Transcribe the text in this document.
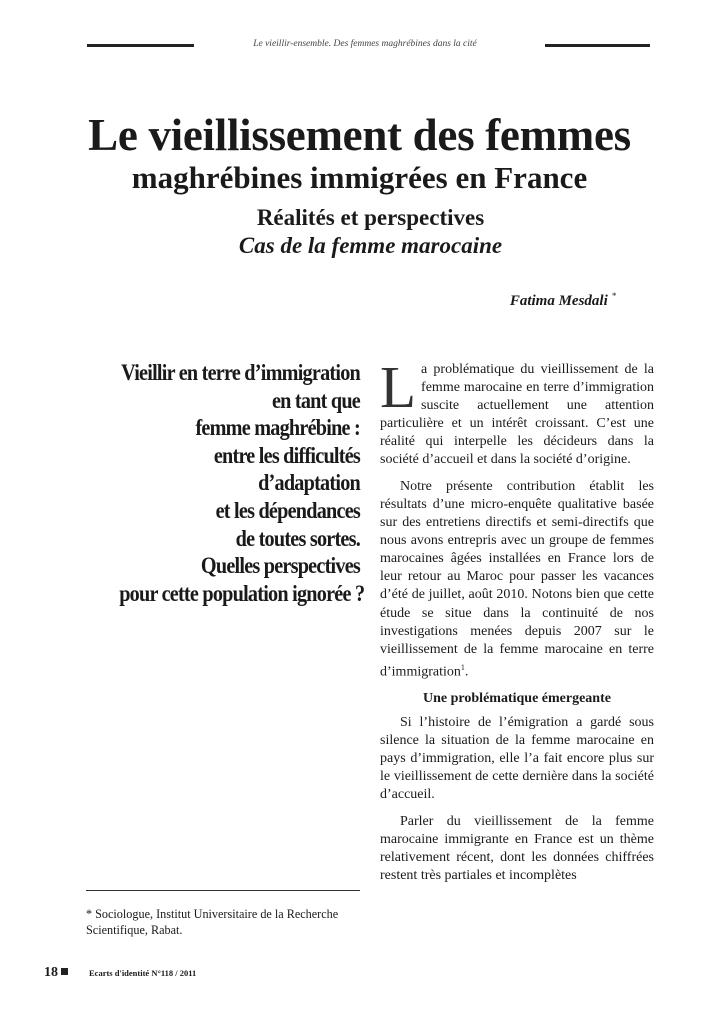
Le vieillir-ensemble. Des femmes maghrébines dans la cité
Le vieillissement des femmes
maghrébines immigrées en France
Réalités et perspectives
Cas de la femme marocaine
Fatima Mesdali *
Vieillir en terre d’immigration
en tant que
femme maghrébine :
entre les difficultés
d’adaptation
et les dépendances
de toutes sortes.
Quelles perspectives
pour cette population ignorée ?

La problématique du vieillissement de la femme marocaine en terre d’immigration suscite actuellement une attention particulière et un intérêt croissant. C’est une réalité qui interpelle les décideurs dans la société d’accueil et dans la société d’origine.

Notre présente contribution établit les résultats d’une micro-enquête qualitative basée sur des entretiens directifs et semi-directifs que nous avons entrepris avec un groupe de femmes marocaines âgées installées en France lors de leur retour au Maroc pour passer les vacances d’été de juillet, août 2010. Notons bien que cette étude se situe dans la continuité de nos investigations menées depuis 2007 sur le vieillissement de la femme marocaine en terre d’immigration$^1$.

Une problématique émergeante

Si l’histoire de l’émigration a gardé sous silence la situation de la femme marocaine en pays d’immigration, elle l’a fait encore plus sur le vieillissement de cette dernière dans la société d’accueil.

Parler du vieillissement de la femme marocaine immigrante en France est un thème relativement récent, dont les données chiffrées restent très partiales et incomplètes

* Sociologue, Institut Universitaire de la Recherche Scientifique, Rabat.
18	Ecarts d'identité N°118 / 2011
